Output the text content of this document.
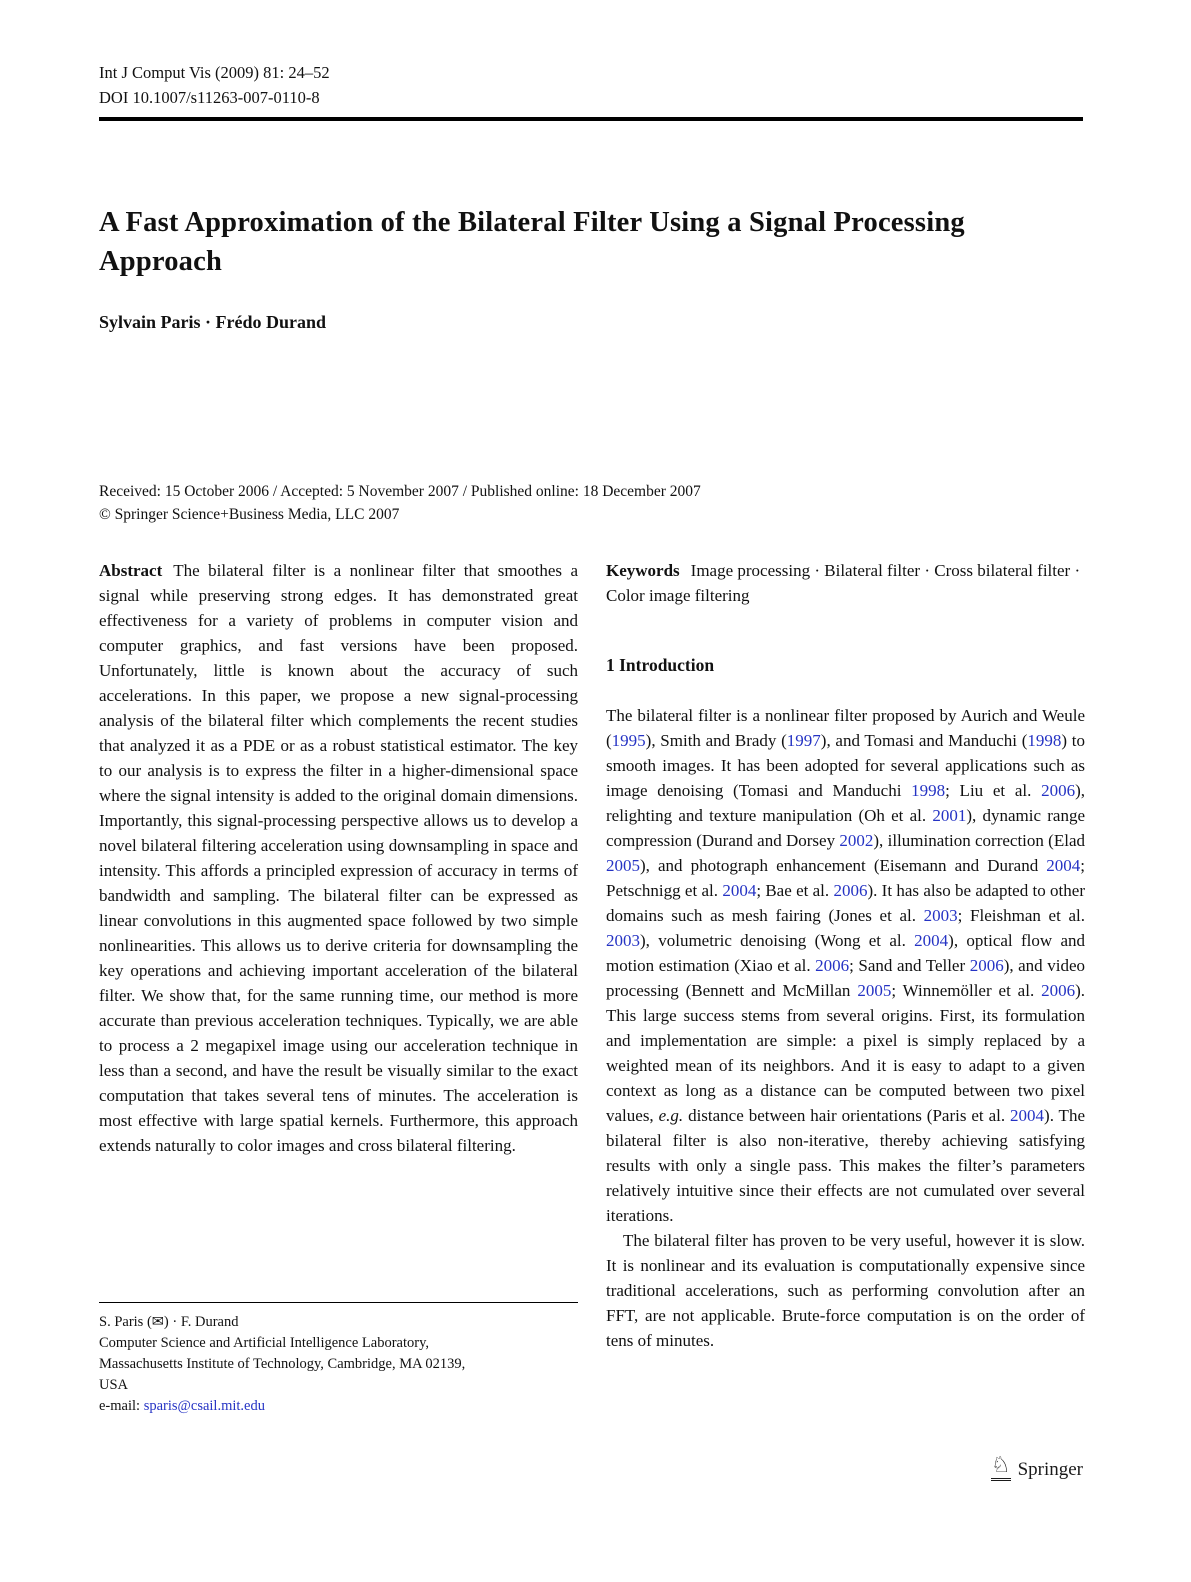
Int J Comput Vis (2009) 81: 24–52
DOI 10.1007/s11263-007-0110-8
A Fast Approximation of the Bilateral Filter Using a Signal Processing Approach
Sylvain Paris · Frédo Durand
Received: 15 October 2006 / Accepted: 5 November 2007 / Published online: 18 December 2007
© Springer Science+Business Media, LLC 2007

Abstract The bilateral filter is a nonlinear filter that smoothes a signal while preserving strong edges. It has demonstrated great effectiveness for a variety of problems in computer vision and computer graphics, and fast versions have been proposed. Unfortunately, little is known about the accuracy of such accelerations. In this paper, we propose a new signal-processing analysis of the bilateral filter which complements the recent studies that analyzed it as a PDE or as a robust statistical estimator. The key to our analysis is to express the filter in a higher-dimensional space where the signal intensity is added to the original domain dimensions. Importantly, this signal-processing perspective allows us to develop a novel bilateral filtering acceleration using downsampling in space and intensity. This affords a principled expression of accuracy in terms of bandwidth and sampling. The bilateral filter can be expressed as linear convolutions in this augmented space followed by two simple nonlinearities. This allows us to derive criteria for downsampling the key operations and achieving important acceleration of the bilateral filter. We show that, for the same running time, our method is more accurate than previous acceleration techniques. Typically, we are able to process a 2 megapixel image using our acceleration technique in less than a second, and have the result be visually similar to the exact computation that takes several tens of minutes. The acceleration is most effective with large spatial kernels. Furthermore, this approach extends naturally to color images and cross bilateral filtering.

Keywords Image processing · Bilateral filter · Cross bilateral filter · Color image filtering

1 Introduction

The bilateral filter is a nonlinear filter proposed by Aurich and Weule (1995), Smith and Brady (1997), and Tomasi and Manduchi (1998) to smooth images. It has been adopted for several applications such as image denoising (Tomasi and Manduchi 1998; Liu et al. 2006), relighting and texture manipulation (Oh et al. 2001), dynamic range compression (Durand and Dorsey 2002), illumination correction (Elad 2005), and photograph enhancement (Eisemann and Durand 2004; Petschnigg et al. 2004; Bae et al. 2006). It has also be adapted to other domains such as mesh fairing (Jones et al. 2003; Fleishman et al. 2003), volumetric denoising (Wong et al. 2004), optical flow and motion estimation (Xiao et al. 2006; Sand and Teller 2006), and video processing (Bennett and McMillan 2005; Winnemöller et al. 2006). This large success stems from several origins. First, its formulation and implementation are simple: a pixel is simply replaced by a weighted mean of its neighbors. And it is easy to adapt to a given context as long as a distance can be computed between two pixel values, e.g. distance between hair orientations (Paris et al. 2004). The bilateral filter is also non-iterative, thereby achieving satisfying results with only a single pass. This makes the filter’s parameters relatively intuitive since their effects are not cumulated over several iterations.

The bilateral filter has proven to be very useful, however it is slow. It is nonlinear and its evaluation is computationally expensive since traditional accelerations, such as performing convolution after an FFT, are not applicable. Brute-force computation is on the order of tens of minutes.

S. Paris (✉) · F. Durand
Computer Science and Artificial Intelligence Laboratory,
Massachusetts Institute of Technology, Cambridge, MA 02139,
USA
e-mail: sparis@csail.mit.edu
♘ Springer
